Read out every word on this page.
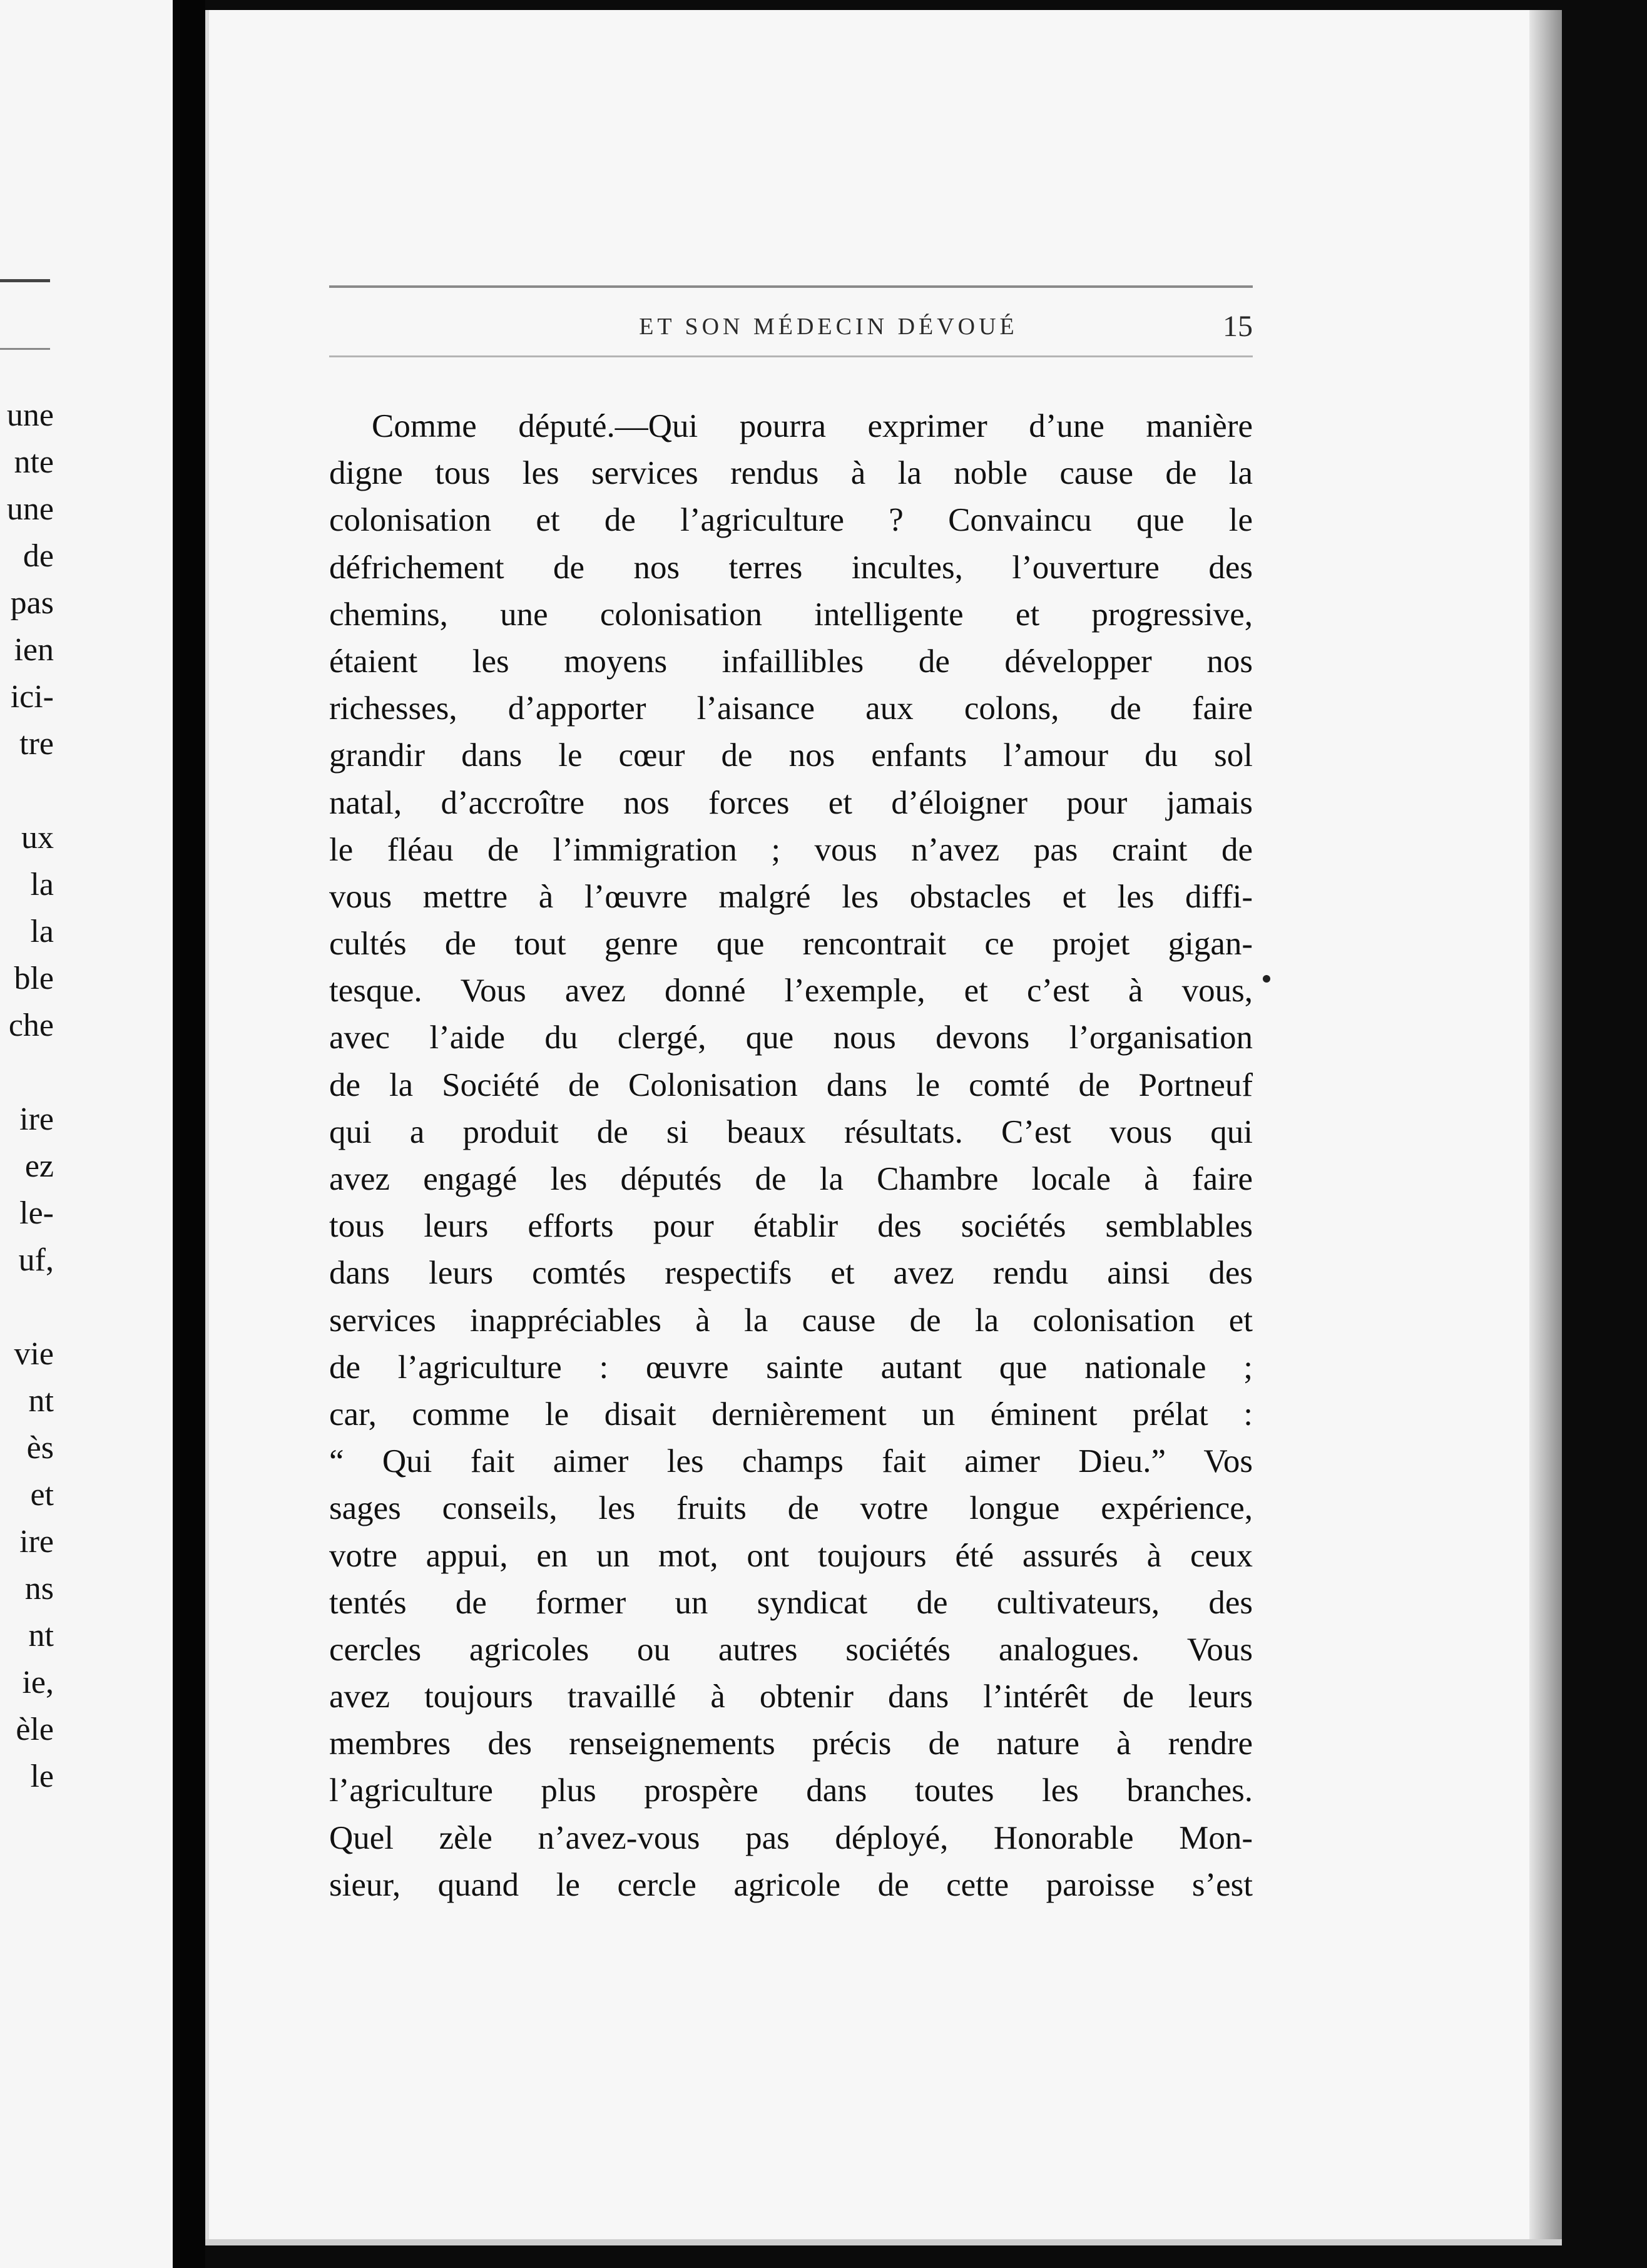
une
nte
une
de
pas
ien
ici-
tre
ux
la
la
ble
che
ire
ez
le-
uf,
vie
nt
ès
et
ire
ns
nt
ie,
èle
le
ET SON MÉDECIN DÉVOUÉ	15
Comme député.—Qui pourra exprimer d’une manière
digne tous les services rendus à la noble cause de la
colonisation et de l’agriculture ? Convaincu que le
défrichement de nos terres incultes, l’ouverture des
chemins, une colonisation intelligente et progressive,
étaient les moyens infaillibles de développer nos
richesses, d’apporter l’aisance aux colons, de faire
grandir dans le cœur de nos enfants l’amour du sol
natal, d’accroître nos forces et d’éloigner pour jamais
le fléau de l’immigration ; vous n’avez pas craint de
vous mettre à l’œuvre malgré les obstacles et les diffi-
cultés de tout genre que rencontrait ce projet gigan-
tesque. Vous avez donné l’exemple, et c’est à vous,
avec l’aide du clergé, que nous devons l’organisation
de la Société de Colonisation dans le comté de Portneuf
qui a produit de si beaux résultats. C’est vous qui
avez engagé les députés de la Chambre locale à faire
tous leurs efforts pour établir des sociétés semblables
dans leurs comtés respectifs et avez rendu ainsi des
services inappréciables à la cause de la colonisation et
de l’agriculture : œuvre sainte autant que nationale ;
car, comme le disait dernièrement un éminent prélat :
“ Qui fait aimer les champs fait aimer Dieu.” Vos
sages conseils, les fruits de votre longue expérience,
votre appui, en un mot, ont toujours été assurés à ceux
tentés de former un syndicat de cultivateurs, des
cercles agricoles ou autres sociétés analogues. Vous
avez toujours travaillé à obtenir dans l’intérêt de leurs
membres des renseignements précis de nature à rendre
l’agriculture plus prospère dans toutes les branches.
Quel zèle n’avez-vous pas déployé, Honorable Mon-
sieur, quand le cercle agricole de cette paroisse s’est
